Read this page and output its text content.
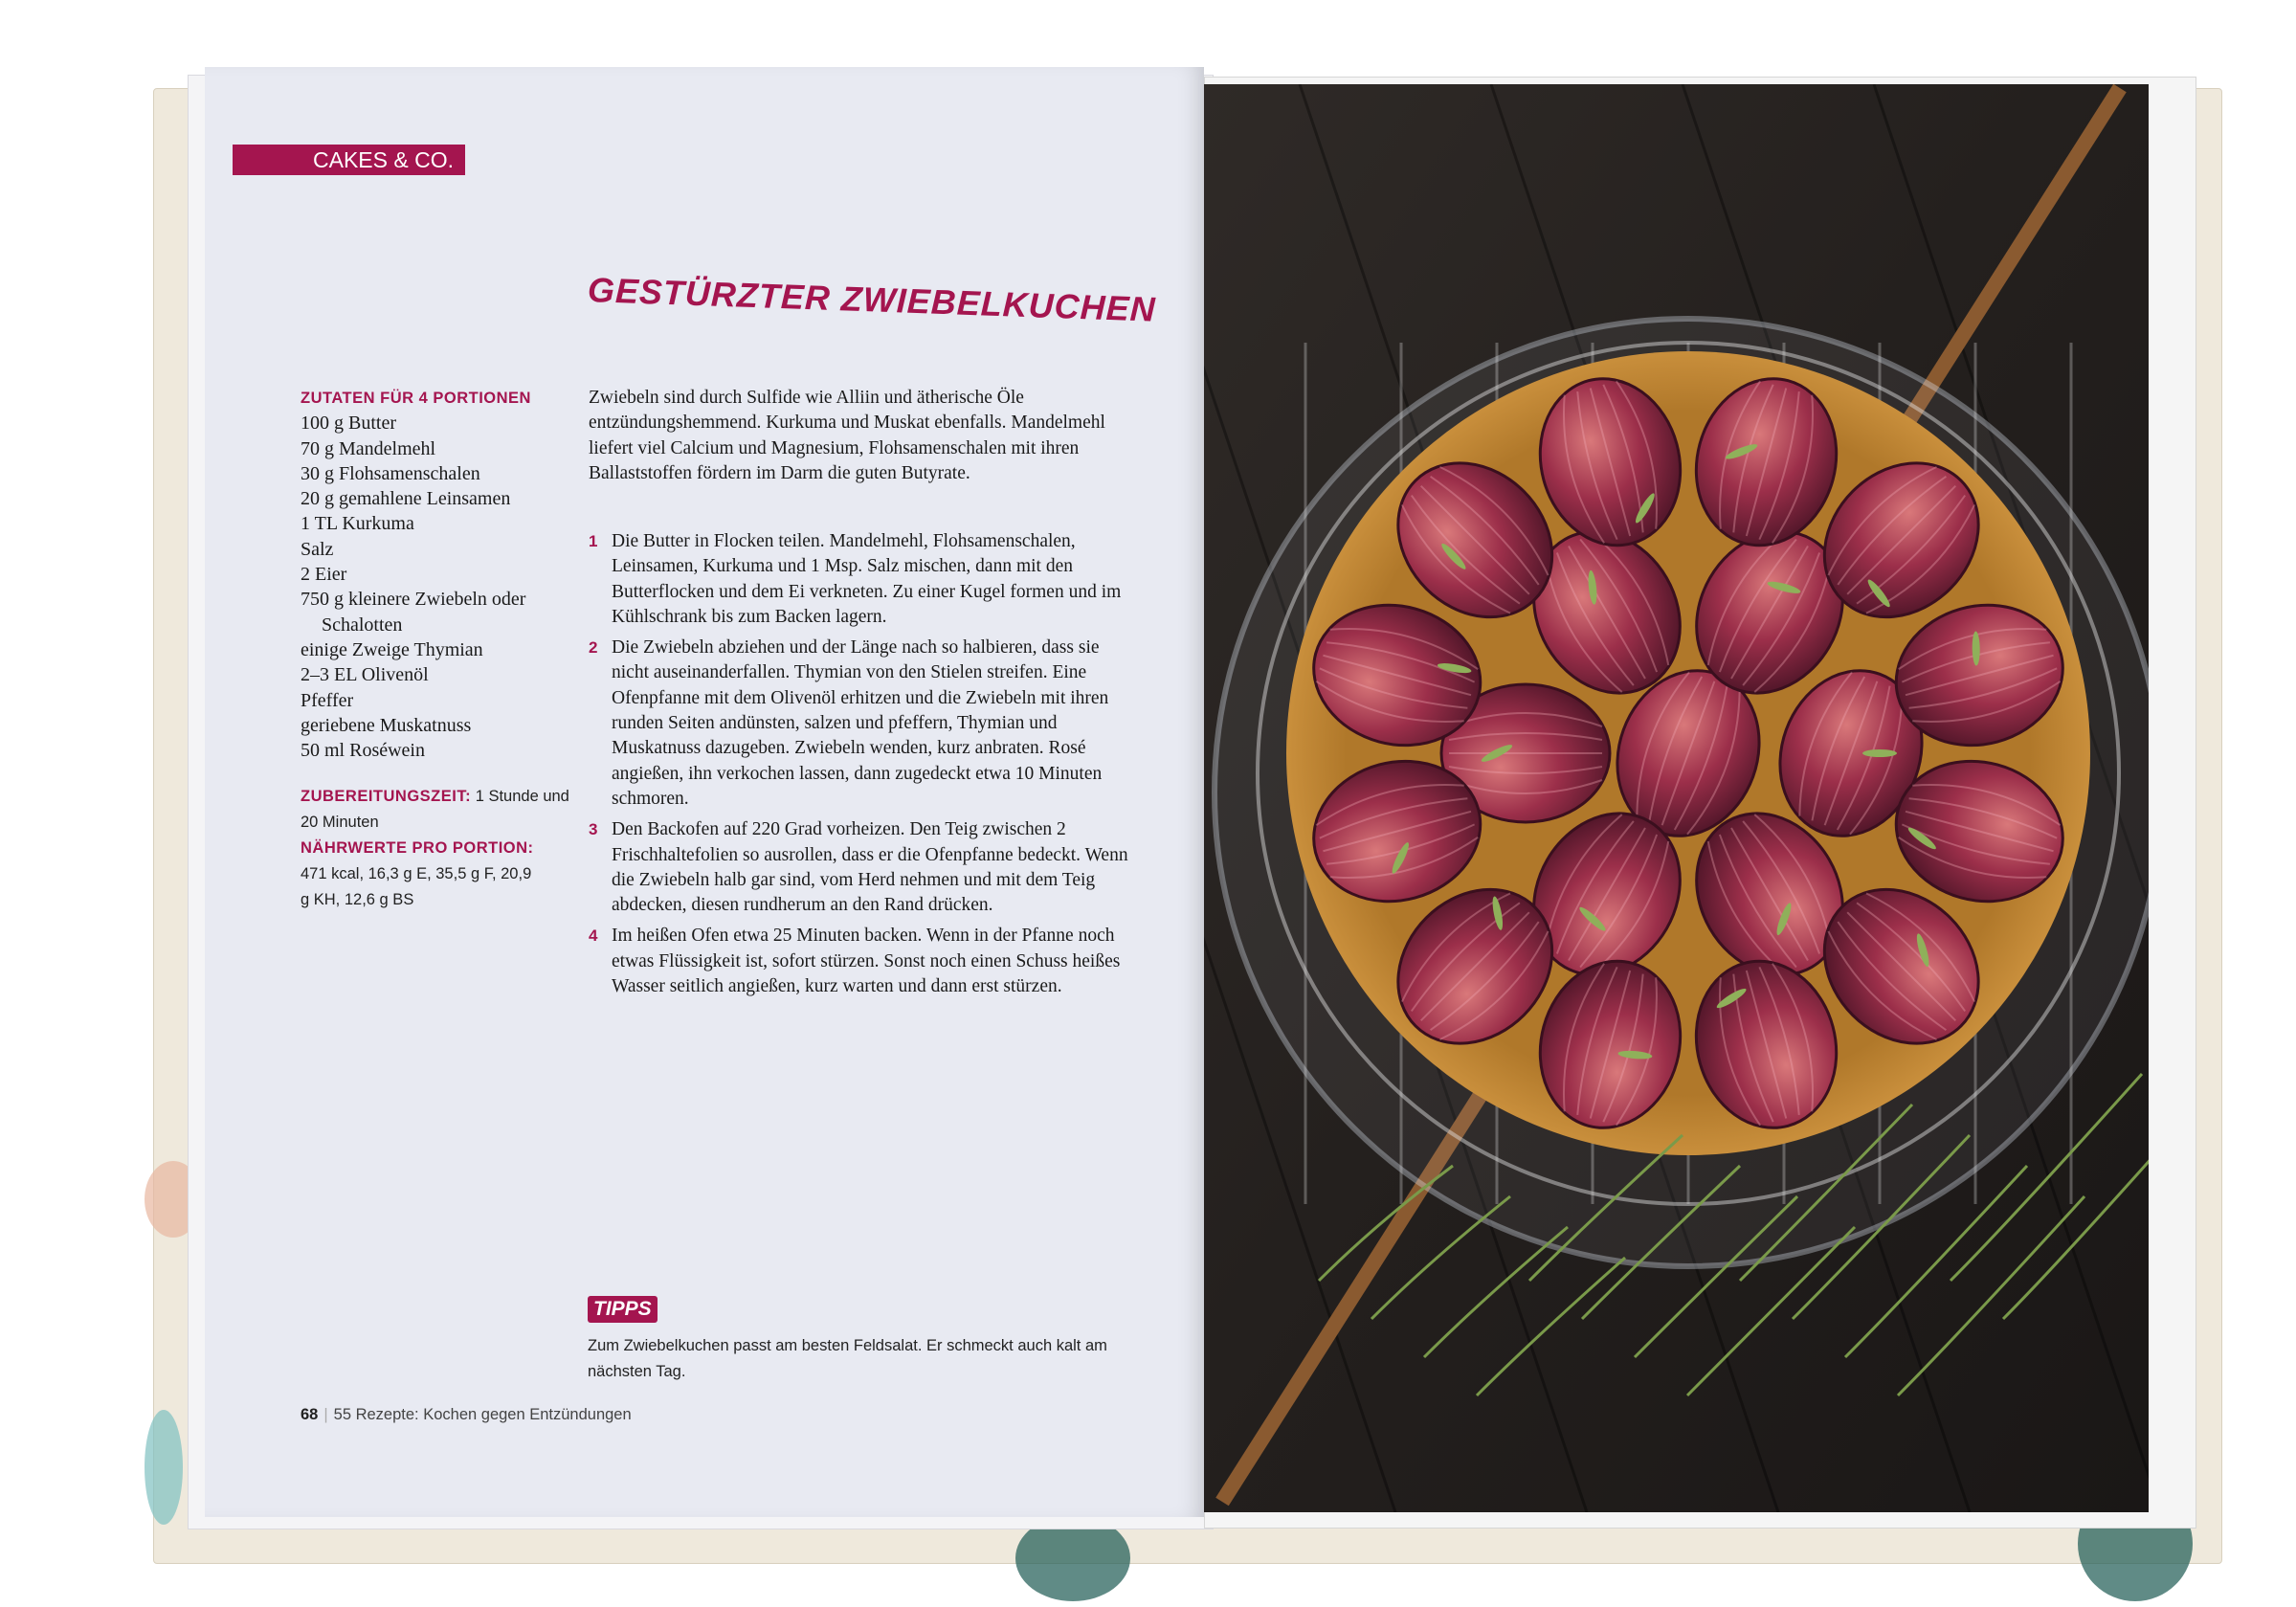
CAKES & CO.
GESTÜRZTER ZWIEBELKUCHEN
ZUTATEN FÜR 4 PORTIONEN
100 g Butter
70 g Mandelmehl
30 g Flohsamenschalen
20 g gemahlene Leinsamen
1 TL Kurkuma
Salz
2 Eier
750 g kleinere Zwiebeln oder
Schalotten
einige Zweige Thymian
2–3 EL Olivenöl
Pfeffer
geriebene Muskatnuss
50 ml Roséwein
ZUBEREITUNGSZEIT: 1 Stunde und 20 Minuten
NÄHRWERTE PRO PORTION:
471 kcal, 16,3 g E, 35,5 g F, 20,9 g KH, 12,6 g BS
Zwiebeln sind durch Sulfide wie Alliin und ätherische Öle entzündungshemmend. Kurkuma und Muskat ebenfalls. Mandelmehl liefert viel Calcium und Magnesium, Flohsamenschalen mit ihren Ballaststoffen fördern im Darm die guten Butyrate.
1 Die Butter in Flocken teilen. Mandelmehl, Flohsamenschalen, Leinsamen, Kurkuma und 1 Msp. Salz mischen, dann mit den Butterflocken und dem Ei verkneten. Zu einer Kugel formen und im Kühlschrank bis zum Backen lagern.
2 Die Zwiebeln abziehen und der Länge nach so halbieren, dass sie nicht auseinanderfallen. Thymian von den Stielen streifen. Eine Ofenpfanne mit dem Olivenöl erhitzen und die Zwiebeln mit ihren runden Seiten andünsten, salzen und pfeffern, Thymian und Muskatnuss dazugeben. Zwiebeln wenden, kurz anbraten. Rosé angießen, ihn verkochen lassen, dann zugedeckt etwa 10 Minuten schmoren.
3 Den Backofen auf 220 Grad vorheizen. Den Teig zwischen 2 Frischhaltefolien so ausrollen, dass er die Ofenpfanne bedeckt. Wenn die Zwiebeln halb gar sind, vom Herd nehmen und mit dem Teig abdecken, diesen rundherum an den Rand drücken.
4 Im heißen Ofen etwa 25 Minuten backen. Wenn in der Pfanne noch etwas Flüssigkeit ist, sofort stürzen. Sonst noch einen Schuss heißes Wasser seitlich angießen, kurz warten und dann erst stürzen.
TIPPS
Zum Zwiebelkuchen passt am besten Feldsalat. Er schmeckt auch kalt am nächsten Tag.
68 | 55 Rezepte: Kochen gegen Entzündungen
